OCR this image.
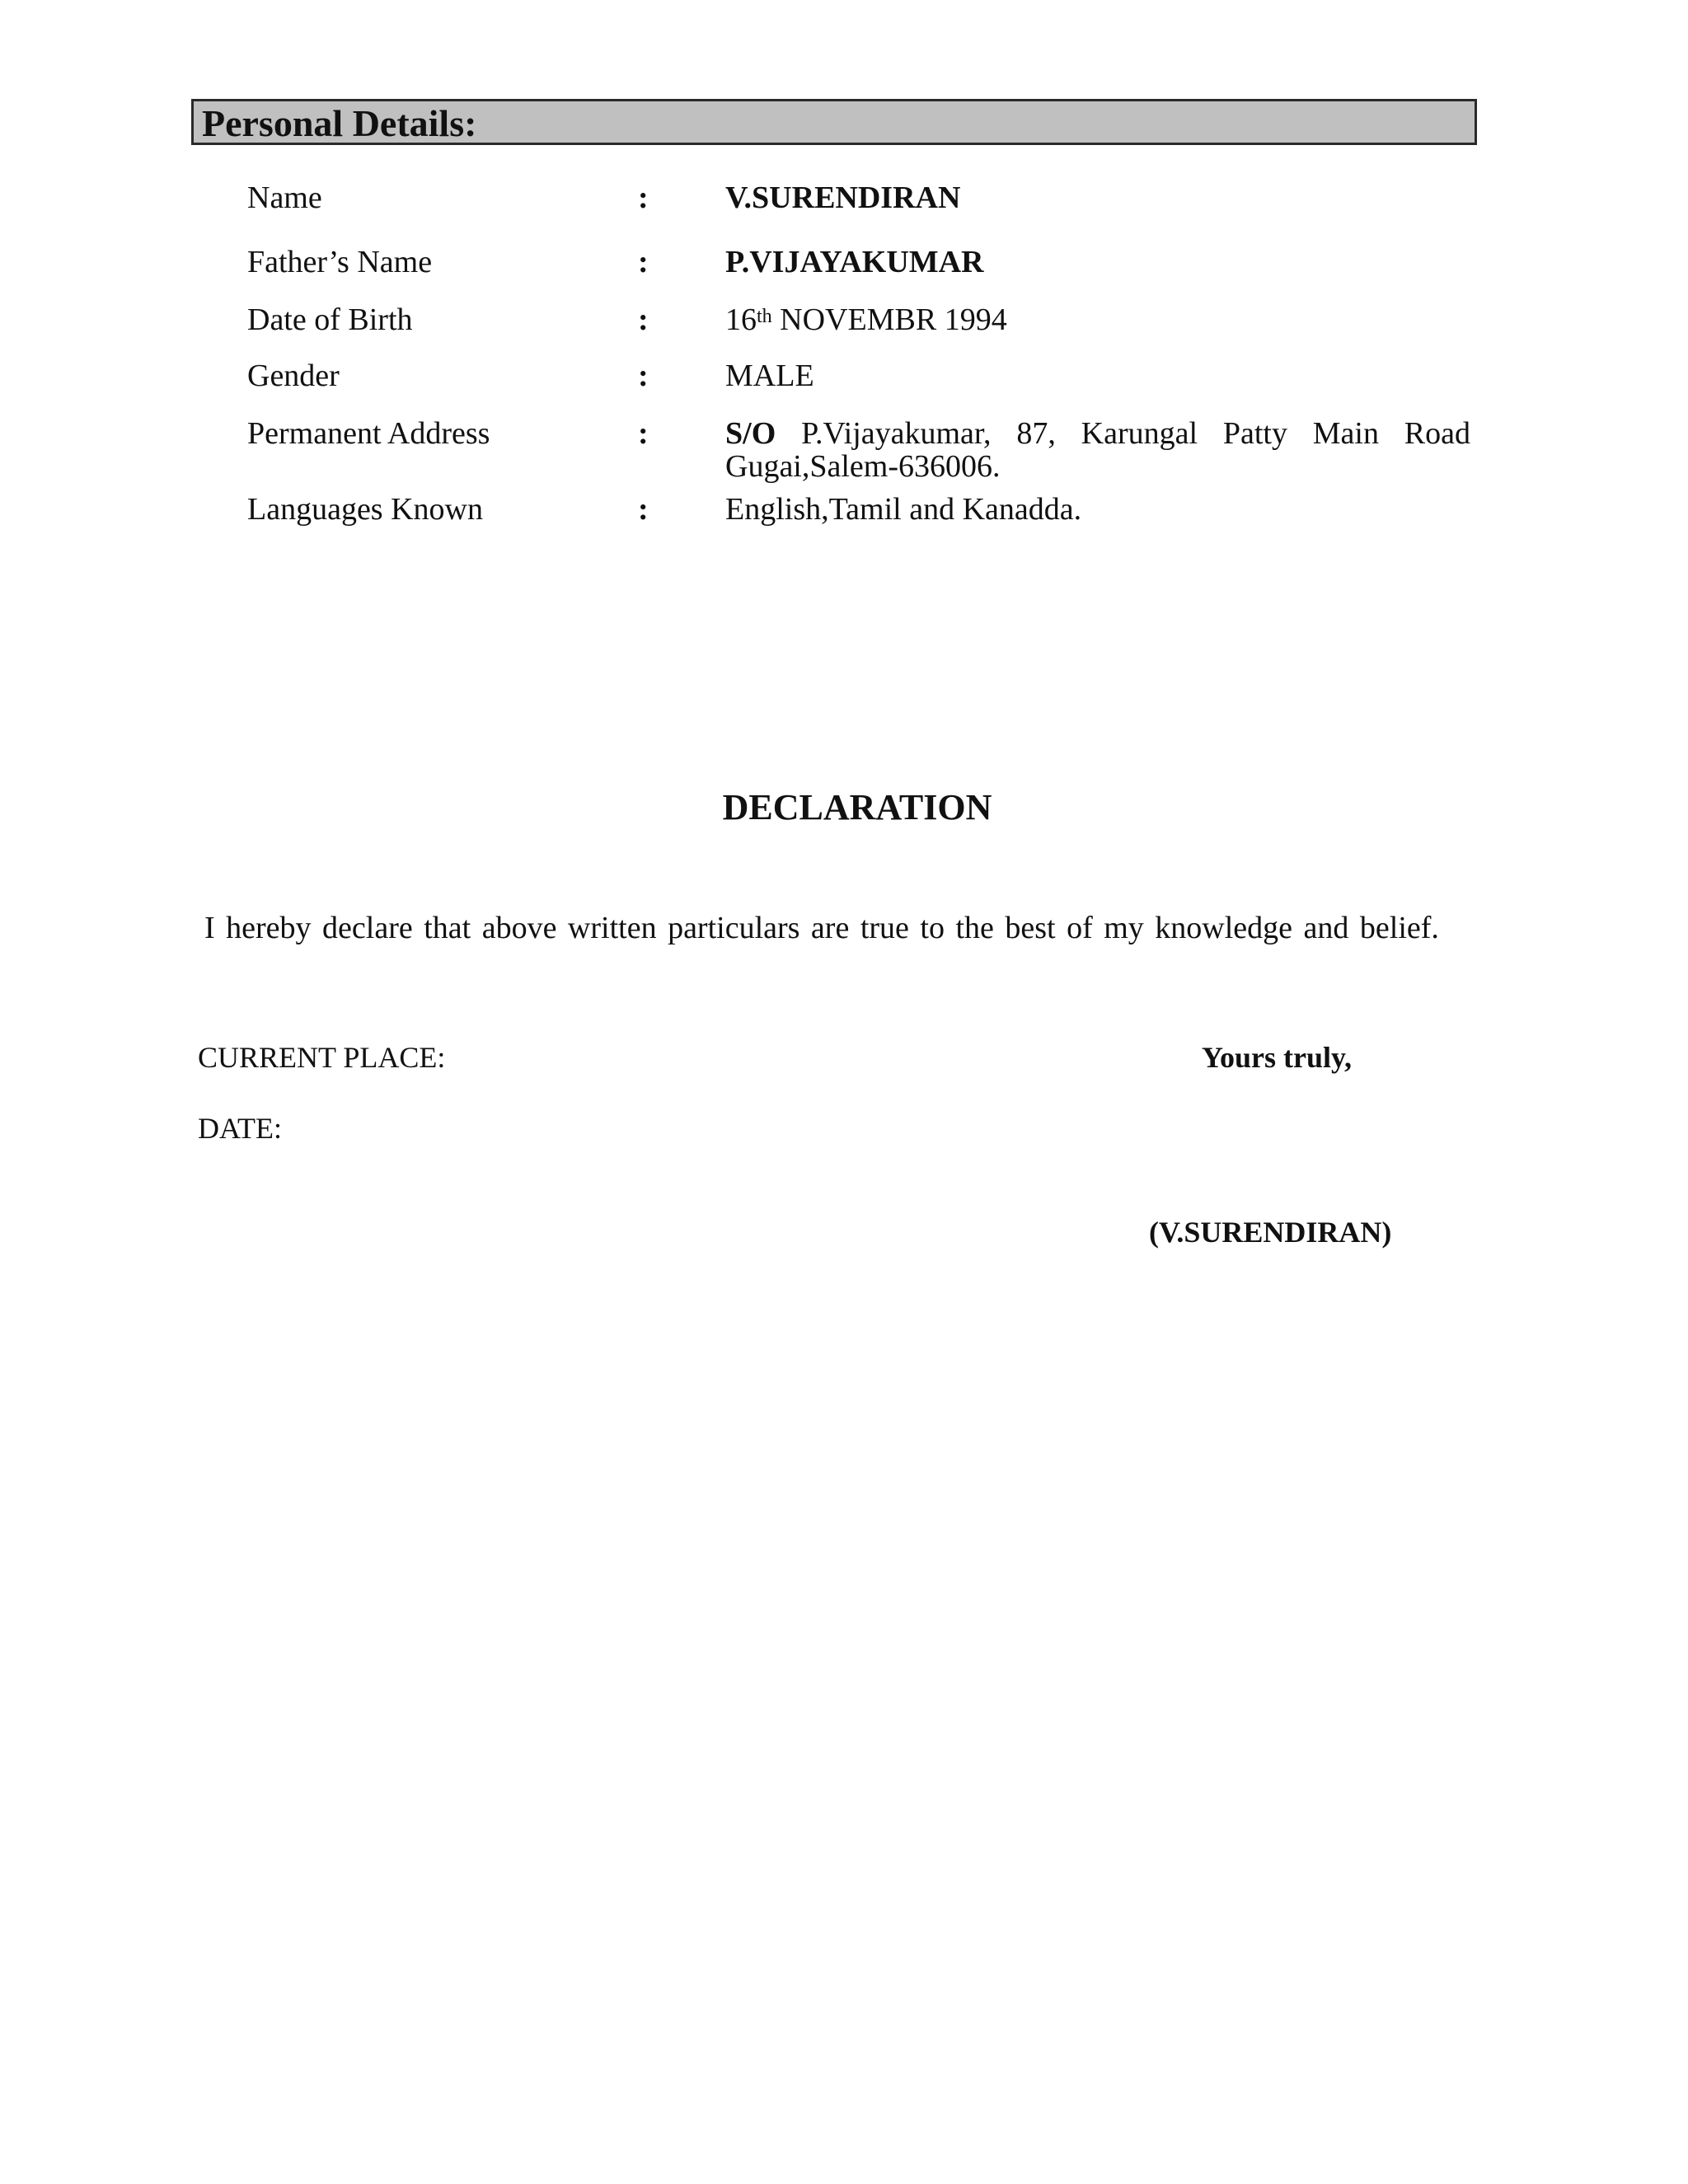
Personal Details:
Name	: V.SURENDIRAN
Father’s Name	: P.VIJAYAKUMAR
Date of Birth	: 16th NOVEMBR 1994
Gender	: MALE
Permanent Address	: S/O P.Vijayakumar, 87, Karungal Patty Main Road
Gugai,Salem-636006.
Languages Known	: English,Tamil and Kanadda.
DECLARATION
I hereby declare that above written particulars are true to the best of my knowledge and belief.
CURRENT PLACE:	Yours truly,
DATE:
(V.SURENDIRAN)
